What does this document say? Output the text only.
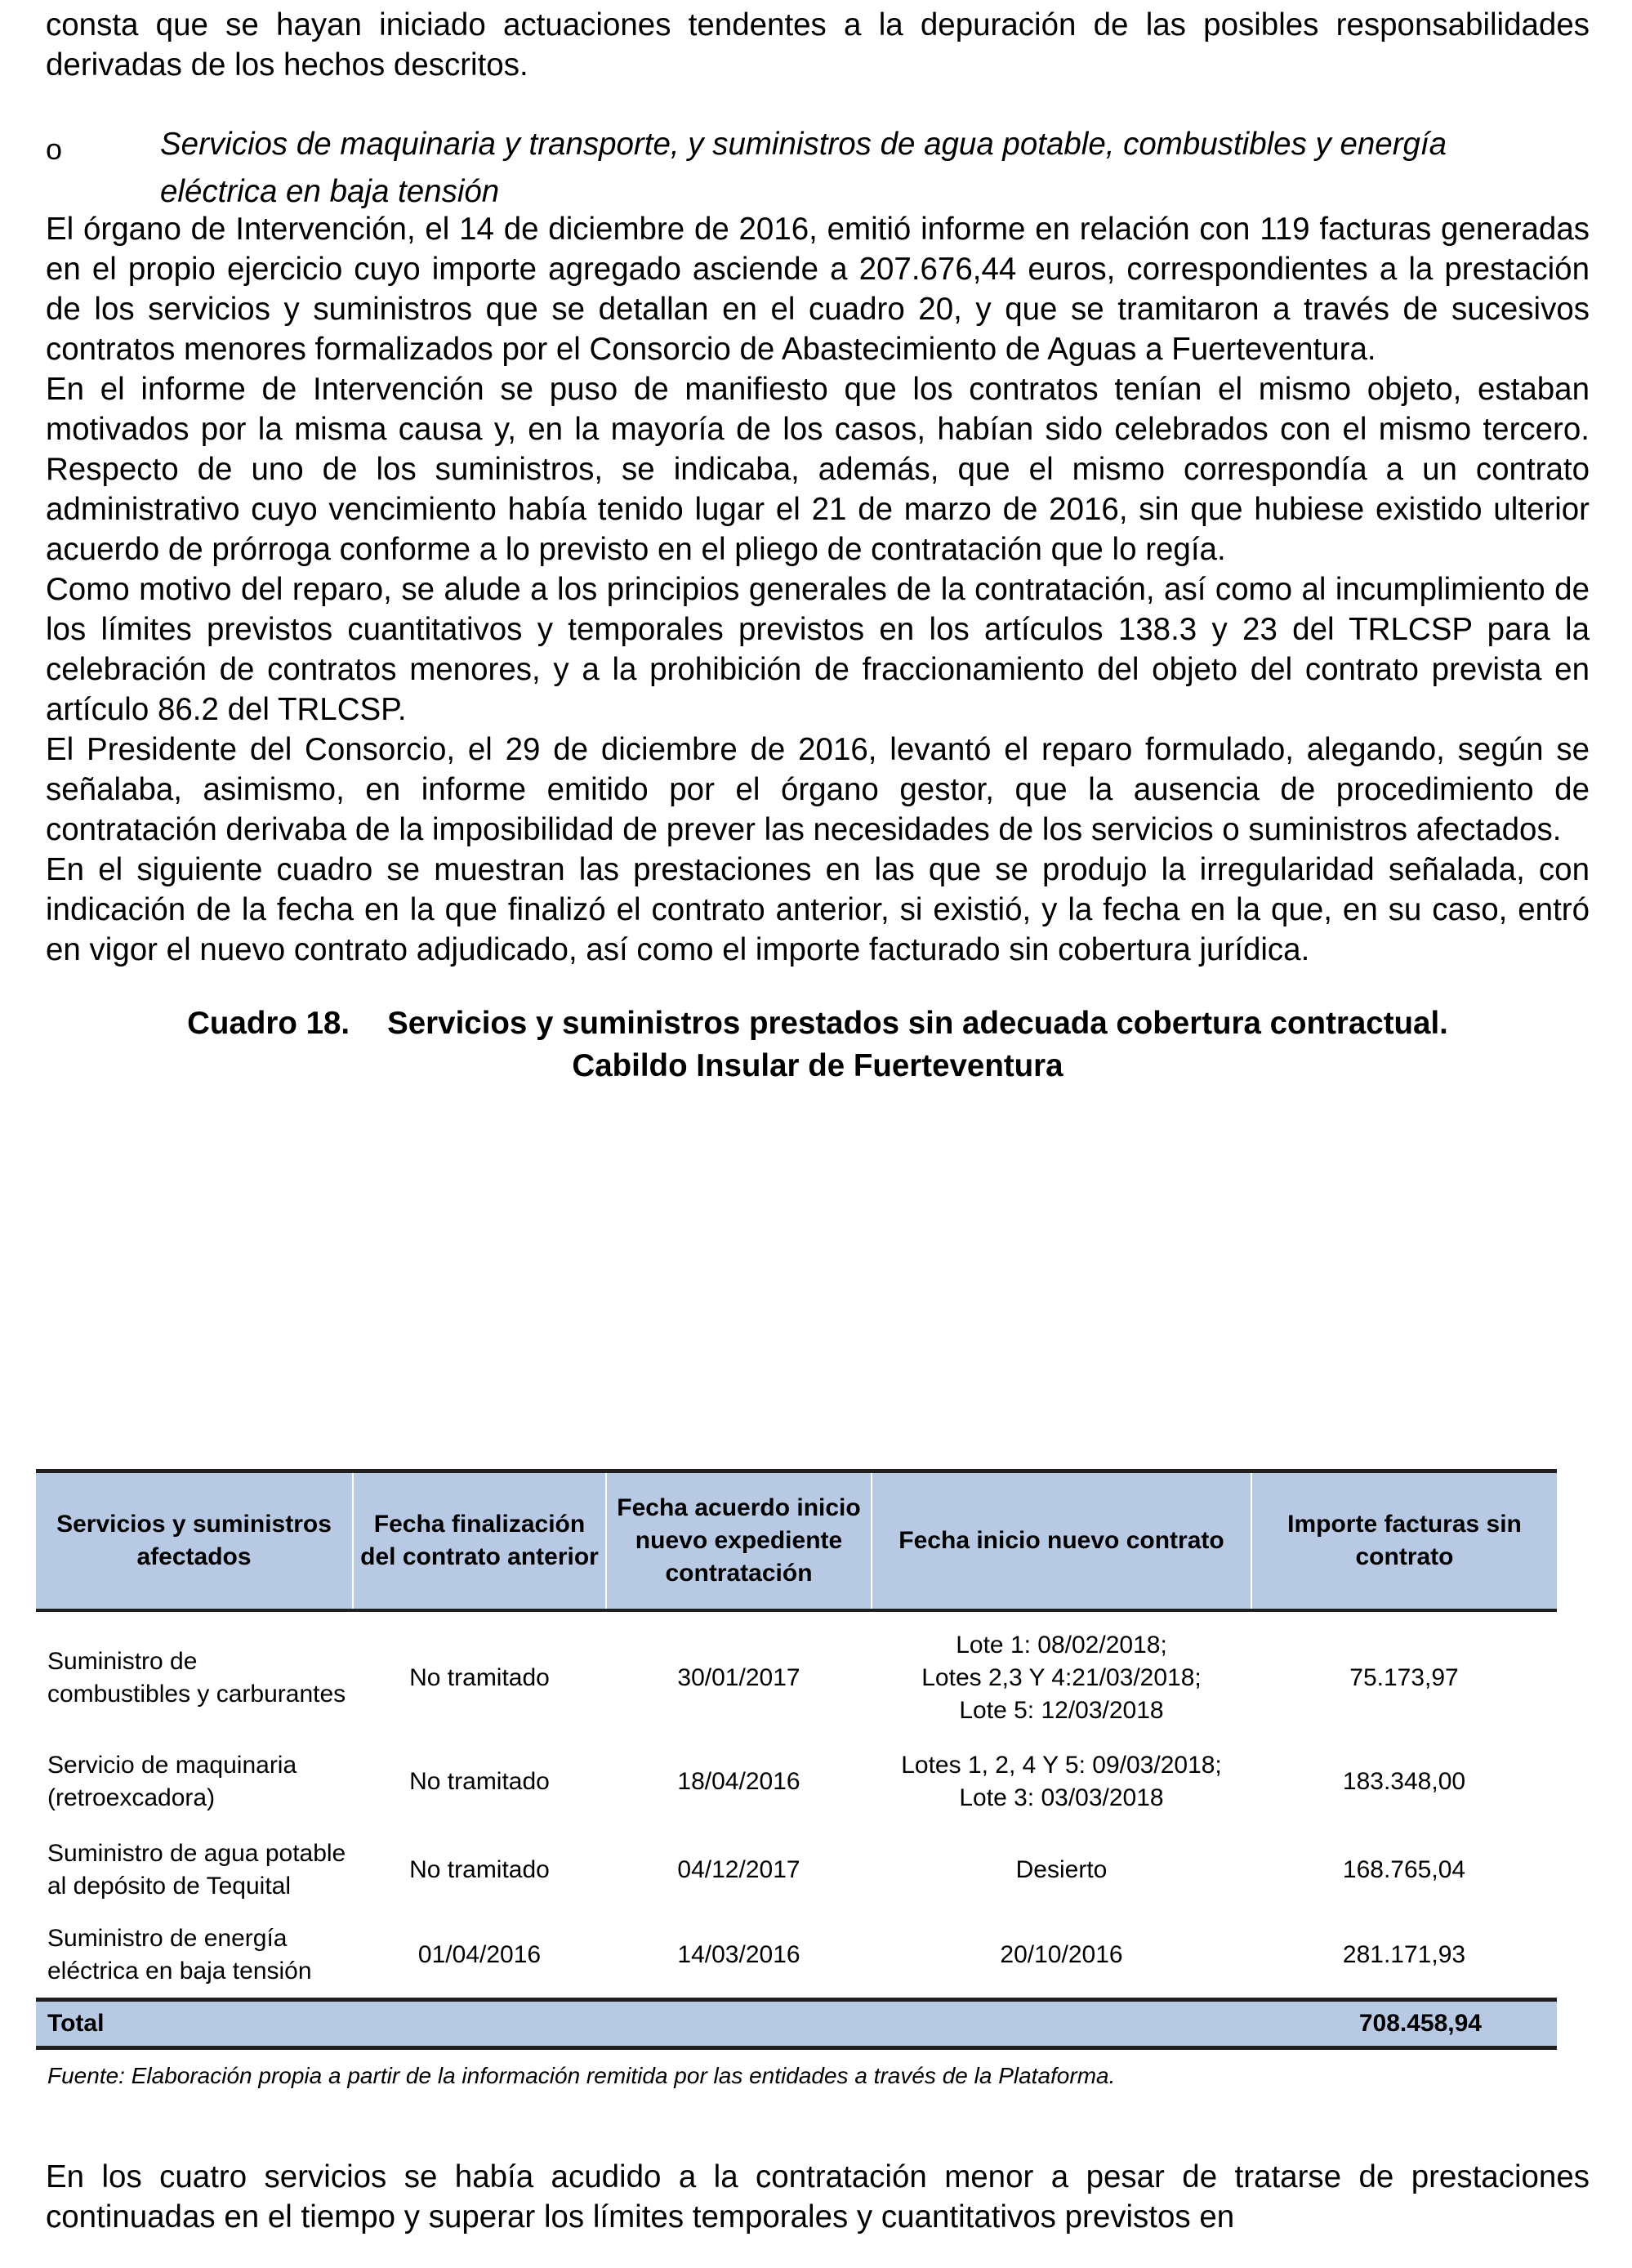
consta que se hayan iniciado actuaciones tendentes a la depuración de las posibles responsabilidades derivadas de los hechos descritos.

o	Servicios de maquinaria y transporte, y suministros de agua potable, combustibles y energía eléctrica en baja tensión

El órgano de Intervención, el 14 de diciembre de 2016, emitió informe en relación con 119 facturas generadas en el propio ejercicio cuyo importe agregado asciende a 207.676,44 euros, correspondientes a la prestación de los servicios y suministros que se detallan en el cuadro 20, y que se tramitaron a través de sucesivos contratos menores formalizados por el Consorcio de Abastecimiento de Aguas a Fuerteventura.

En el informe de Intervención se puso de manifiesto que los contratos tenían el mismo objeto, estaban motivados por la misma causa y, en la mayoría de los casos, habían sido celebrados con el mismo tercero. Respecto de uno de los suministros, se indicaba, además, que el mismo correspondía a un contrato administrativo cuyo vencimiento había tenido lugar el 21 de marzo de 2016, sin que hubiese existido ulterior acuerdo de prórroga conforme a lo previsto en el pliego de contratación que lo regía.

Como motivo del reparo, se alude a los principios generales de la contratación, así como al incumplimiento de los límites previstos cuantitativos y temporales previstos en los artículos 138.3 y 23 del TRLCSP para la celebración de contratos menores, y a la prohibición de fraccionamiento del objeto del contrato prevista en artículo 86.2 del TRLCSP.

El Presidente del Consorcio, el 29 de diciembre de 2016, levantó el reparo formulado, alegando, según se señalaba, asimismo, en informe emitido por el órgano gestor, que la ausencia de procedimiento de contratación derivaba de la imposibilidad de prever las necesidades de los servicios o suministros afectados.

En el siguiente cuadro se muestran las prestaciones en las que se produjo la irregularidad señalada, con indicación de la fecha en la que finalizó el contrato anterior, si existió, y la fecha en la que, en su caso, entró en vigor el nuevo contrato adjudicado, así como el importe facturado sin cobertura jurídica.

Cuadro 18. Servicios y suministros prestados sin adecuada cobertura contractual.
Cabildo Insular de Fuerteventura
Servicios y suministros afectados	Fecha finalización del contrato anterior	Fecha acuerdo inicio nuevo expediente contratación	Fecha inicio nuevo contrato	Importe facturas sin contrato
Suministro de combustibles y carburantes	No tramitado	30/01/2017	Lote 1: 08/02/2018;
Lotes 2,3 Y 4:21/03/2018;
Lote 5: 12/03/2018	75.173,97
Servicio de maquinaria (retroexcadora)	No tramitado	18/04/2016	Lotes 1, 2, 4 Y 5: 09/03/2018;
Lote 3: 03/03/2018	183.348,00
Suministro de agua potable al depósito de Tequital	No tramitado	04/12/2017	Desierto	168.765,04
Suministro de energía eléctrica en baja tensión	01/04/2016	14/03/2016	20/10/2016	281.171,93
Total				708.458,94
Fuente: Elaboración propia a partir de la información remitida por las entidades a través de la Plataforma.

En los cuatro servicios se había acudido a la contratación menor a pesar de tratarse de prestaciones continuadas en el tiempo y superar los límites temporales y cuantitativos previstos en
